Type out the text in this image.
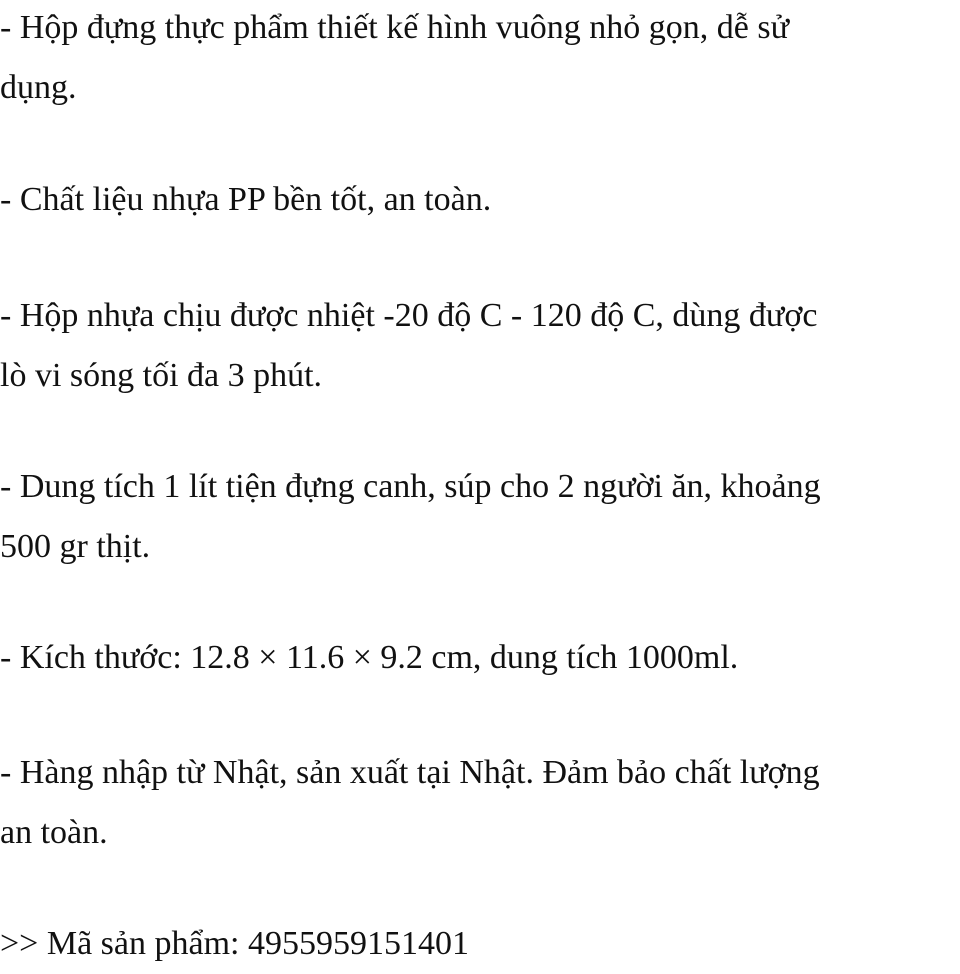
- Hộp đựng thực phẩm thiết kế hình vuông nhỏ gọn, dễ sử
dụng.

- Chất liệu nhựa PP bền tốt, an toàn.

- Hộp nhựa chịu được nhiệt -20 độ C - 120 độ C, dùng được
lò vi sóng tối đa 3 phút.

- Dung tích 1 lít tiện đựng canh, súp cho 2 người ăn, khoảng
500 gr thịt.

- Kích thước: 12.8 × 11.6 × 9.2 cm, dung tích 1000ml.

- Hàng nhập từ Nhật, sản xuất tại Nhật. Đảm bảo chất lượng
an toàn.

>> Mã sản phẩm: 4955959151401
